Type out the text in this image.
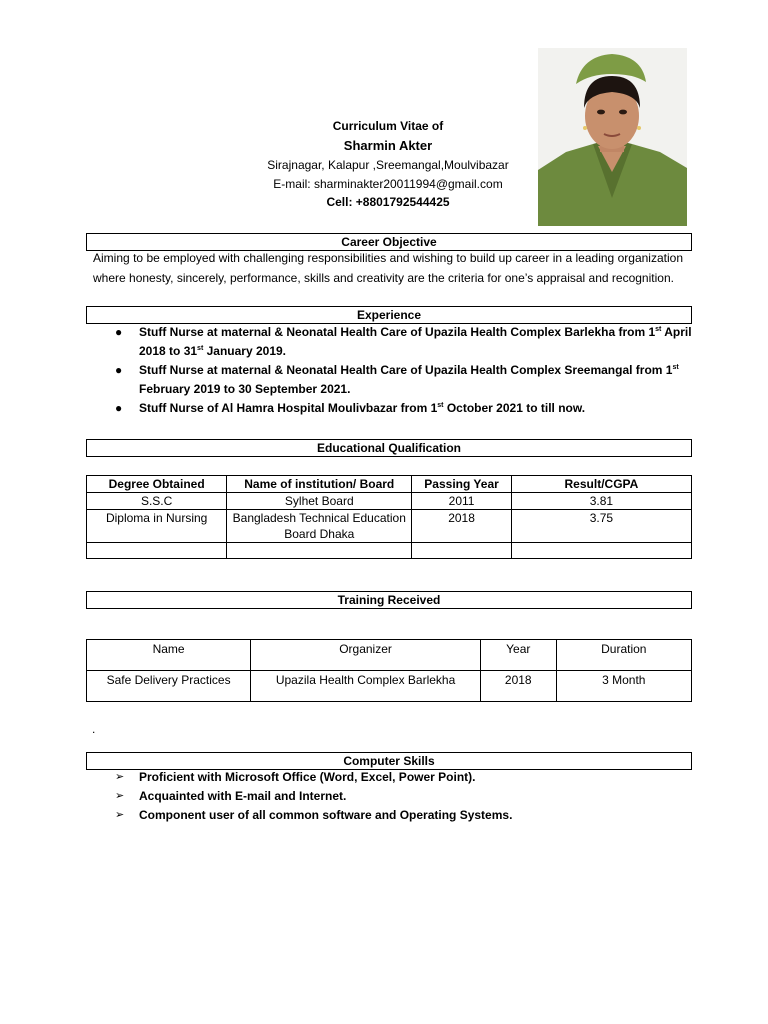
Curriculum Vitae of
Sharmin Akter
Sirajnagar, Kalapur ,Sreemangal,Moulvibazar
E-mail: sharminakter20011994@gmail.com
Cell: +8801792544425
Career Objective
Aiming to be employed with challenging responsibilities and wishing to build up career in a leading organization where honesty, sincerely, performance, skills and creativity are the criteria for one’s appraisal and recognition.
Experience
● Stuff Nurse at maternal & Neonatal Health Care of Upazila Health Complex Barlekha from 1st April 2018 to 31st January 2019.
● Stuff Nurse at maternal & Neonatal Health Care of Upazila Health Complex Sreemangal from 1st February 2019 to 30 September 2021.
● Stuff Nurse of Al Hamra Hospital Moulivbazar from 1st October 2021 to till now.
Educational Qualification
Degree Obtained	Name of institution/ Board	Passing Year	Result/CGPA
S.S.C	Sylhet Board	2011	3.81
Diploma in Nursing	Bangladesh Technical Education Board Dhaka	2018	3.75

Training Received
Name	Organizer	Year	Duration
Safe Delivery Practices	Upazila Health Complex Barlekha	2018	3 Month
.
Computer Skills
➢ Proficient with Microsoft Office (Word, Excel, Power Point).
➢ Acquainted with E-mail and Internet.
➢ Component user of all common software and Operating Systems.
